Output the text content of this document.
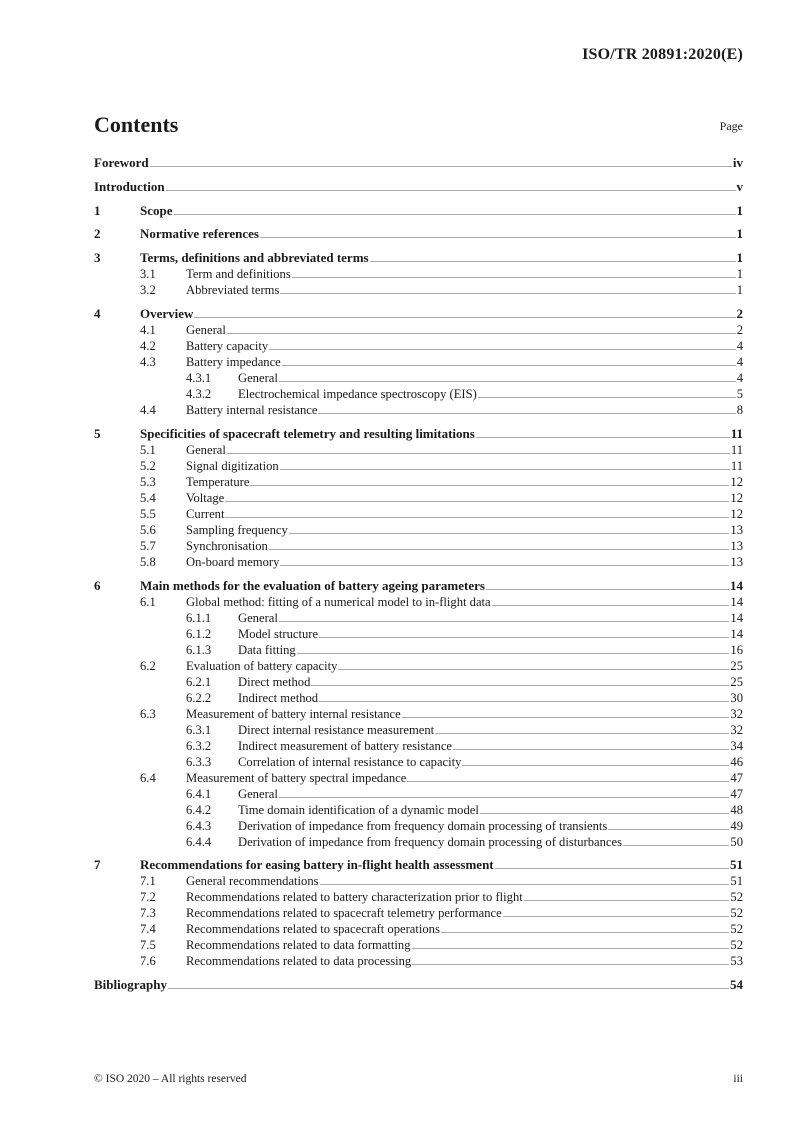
ISO/TR 20891:2020(E)
Contents	Page
Foreword	iv
Introduction	v
1	Scope	1
2	Normative references	1
3	Terms, definitions and abbreviated terms	1
3.1	Term and definitions	1
3.2	Abbreviated terms	1
4	Overview	2
4.1	General	2
4.2	Battery capacity	4
4.3	Battery impedance	4
4.3.1	General	4
4.3.2	Electrochemical impedance spectroscopy (EIS)	5
4.4	Battery internal resistance	8
5	Specificities of spacecraft telemetry and resulting limitations	11
5.1	General	11
5.2	Signal digitization	11
5.3	Temperature	12
5.4	Voltage	12
5.5	Current	12
5.6	Sampling frequency	13
5.7	Synchronisation	13
5.8	On-board memory	13
6	Main methods for the evaluation of battery ageing parameters	14
6.1	Global method: fitting of a numerical model to in-flight data	14
6.1.1	General	14
6.1.2	Model structure	14
6.1.3	Data fitting	16
6.2	Evaluation of battery capacity	25
6.2.1	Direct method	25
6.2.2	Indirect method	30
6.3	Measurement of battery internal resistance	32
6.3.1	Direct internal resistance measurement	32
6.3.2	Indirect measurement of battery resistance	34
6.3.3	Correlation of internal resistance to capacity	46
6.4	Measurement of battery spectral impedance	47
6.4.1	General	47
6.4.2	Time domain identification of a dynamic model	48
6.4.3	Derivation of impedance from frequency domain processing of transients	49
6.4.4	Derivation of impedance from frequency domain processing of disturbances	50
7	Recommendations for easing battery in-flight health assessment	51
7.1	General recommendations	51
7.2	Recommendations related to battery characterization prior to flight	52
7.3	Recommendations related to spacecraft telemetry performance	52
7.4	Recommendations related to spacecraft operations	52
7.5	Recommendations related to data formatting	52
7.6	Recommendations related to data processing	53
Bibliography	54
© ISO 2020 – All rights reserved	iii
